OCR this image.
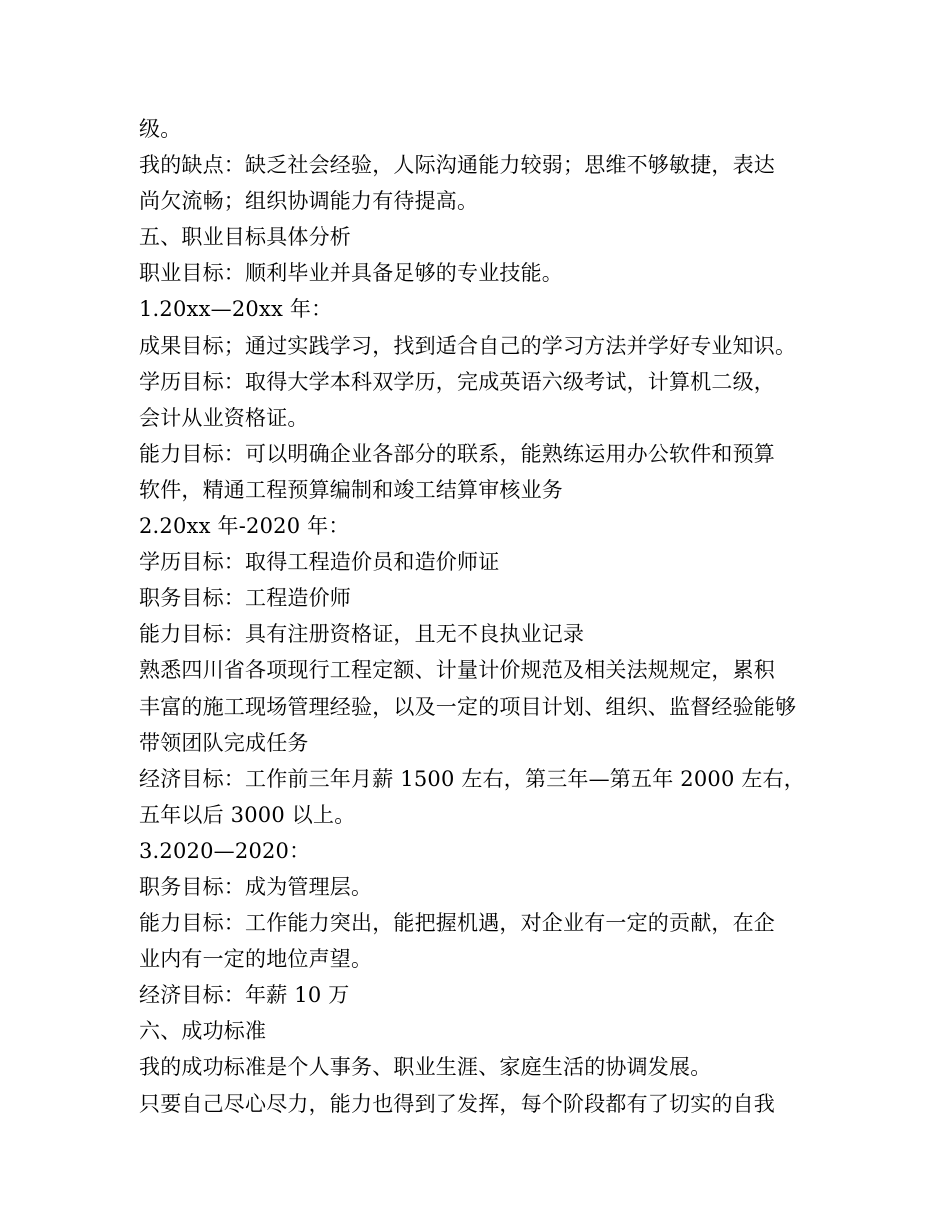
级。
我的缺点：缺乏社会经验，人际沟通能力较弱；思维不够敏捷，表达
尚欠流畅；组织协调能力有待提高。
五、职业目标具体分析
职业目标：顺利毕业并具备足够的专业技能。
1.20xx—20xx 年：
成果目标；通过实践学习，找到适合自己的学习方法并学好专业知识。
学历目标：取得大学本科双学历，完成英语六级考试，计算机二级，
会计从业资格证。
能力目标：可以明确企业各部分的联系，能熟练运用办公软件和预算
软件，精通工程预算编制和竣工结算审核业务
2.20xx 年-2020 年：
学历目标：取得工程造价员和造价师证
职务目标：工程造价师
能力目标：具有注册资格证，且无不良执业记录
熟悉四川省各项现行工程定额、计量计价规范及相关法规规定，累积
丰富的施工现场管理经验，以及一定的项目计划、组织、监督经验能够
带领团队完成任务
经济目标：工作前三年月薪 1500 左右，第三年—第五年 2000 左右，
五年以后 3000 以上。
3.2020—2020：
职务目标：成为管理层。
能力目标：工作能力突出，能把握机遇，对企业有一定的贡献，在企
业内有一定的地位声望。
经济目标：年薪 10 万
六、成功标准
我的成功标准是个人事务、职业生涯、家庭生活的协调发展。
只要自己尽心尽力，能力也得到了发挥，每个阶段都有了切实的自我
